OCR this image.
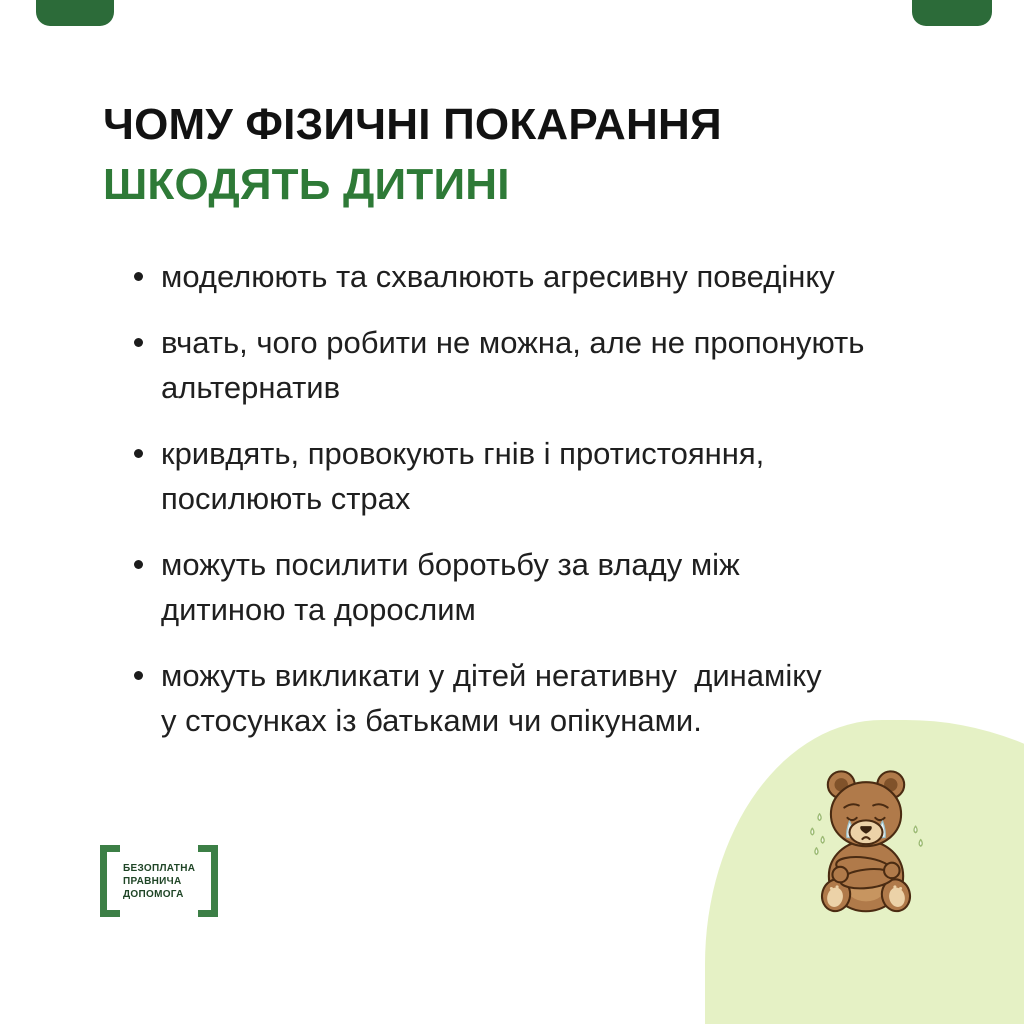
ЧОМУ ФІЗИЧНІ ПОКАРАННЯ
ШКОДЯТЬ ДИТИНІ
моделюють та схвалюють агресивну поведінку
вчать, чого робити не можна, але не пропонують
альтернатив
кривдять, провокують гнів і протистояння,
посилюють страх
можуть посилити боротьбу за владу між
дитиною та дорослим
можуть викликати у дітей негативну  динаміку
у стосунках із батьками чи опікунами.
БЕЗОПЛАТНА
ПРАВНИЧА
ДОПОМОГА
